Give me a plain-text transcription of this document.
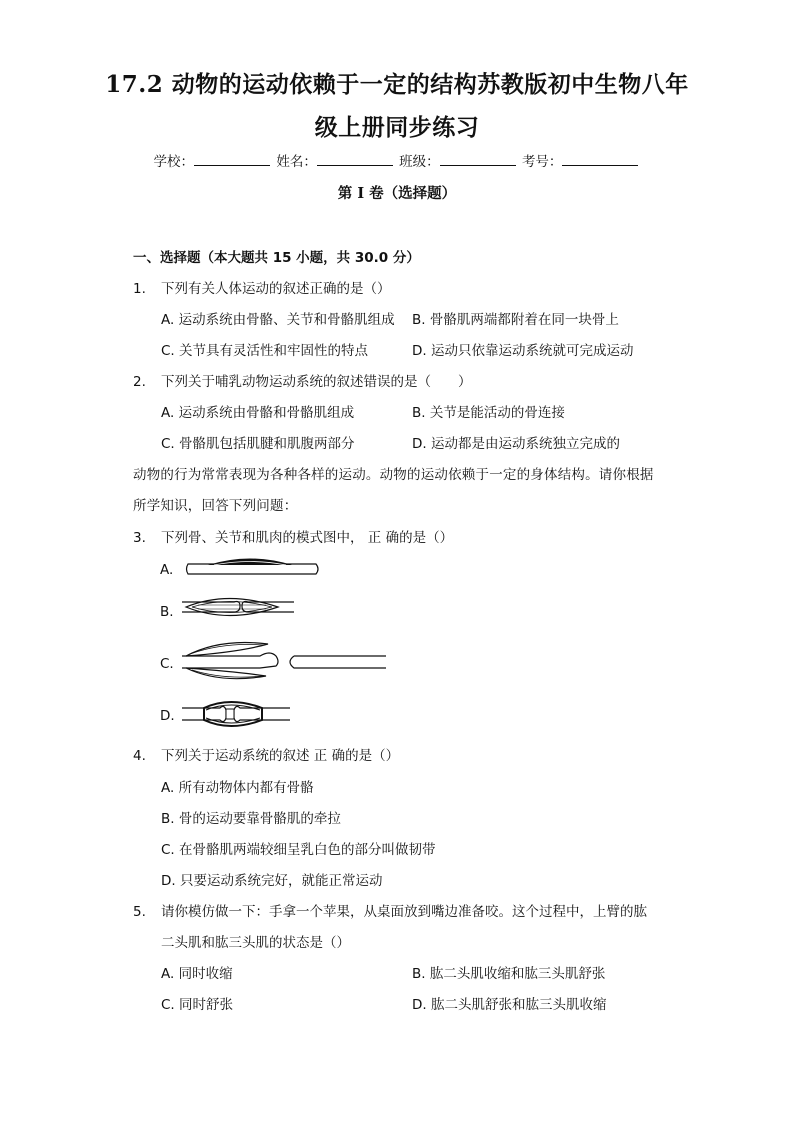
17.2 动物的运动依赖于一定的结构苏教版初中生物八年
级上册同步练习
学校：	姓名：	班级：	考号：
第 I 卷（选择题）
一、选择题（本大题共 15 小题，共 30.0 分）
1. 下列有关人体运动的叙述正确的是（）
A. 运动系统由骨骼、关节和骨骼肌组成 B. 骨骼肌两端都附着在同一块骨上
C. 关节具有灵活性和牢固性的特点	D. 运动只依靠运动系统就可完成运动
2. 下列关于哺乳动物运动系统的叙述错误的是（　　）
A. 运动系统由骨骼和骨骼肌组成	B. 关节是能活动的骨连接
C. 骨骼肌包括肌腱和肌腹两部分	D. 运动都是由运动系统独立完成的
动物的行为常常表现为各种各样的运动。动物的运动依赖于一定的身体结构。请你根据
所学知识，回答下列问题：
3. 下列骨、关节和肌肉的模式图中， 正 确的是（）
A.
B.
C.
D.
4. 下列关于运动系统的叙述 正 确的是（）
A. 所有动物体内都有骨骼
B. 骨的运动要靠骨骼肌的牵拉
C. 在骨骼肌两端较细呈乳白色的部分叫做韧带
D. 只要运动系统完好，就能正常运动
5. 请你模仿做一下：手拿一个苹果，从桌面放到嘴边准备咬。这个过程中，上臂的肱
二头肌和肱三头肌的状态是（）
A. 同时收缩	B. 肱二头肌收缩和肱三头肌舒张
C. 同时舒张	D. 肱二头肌舒张和肱三头肌收缩
